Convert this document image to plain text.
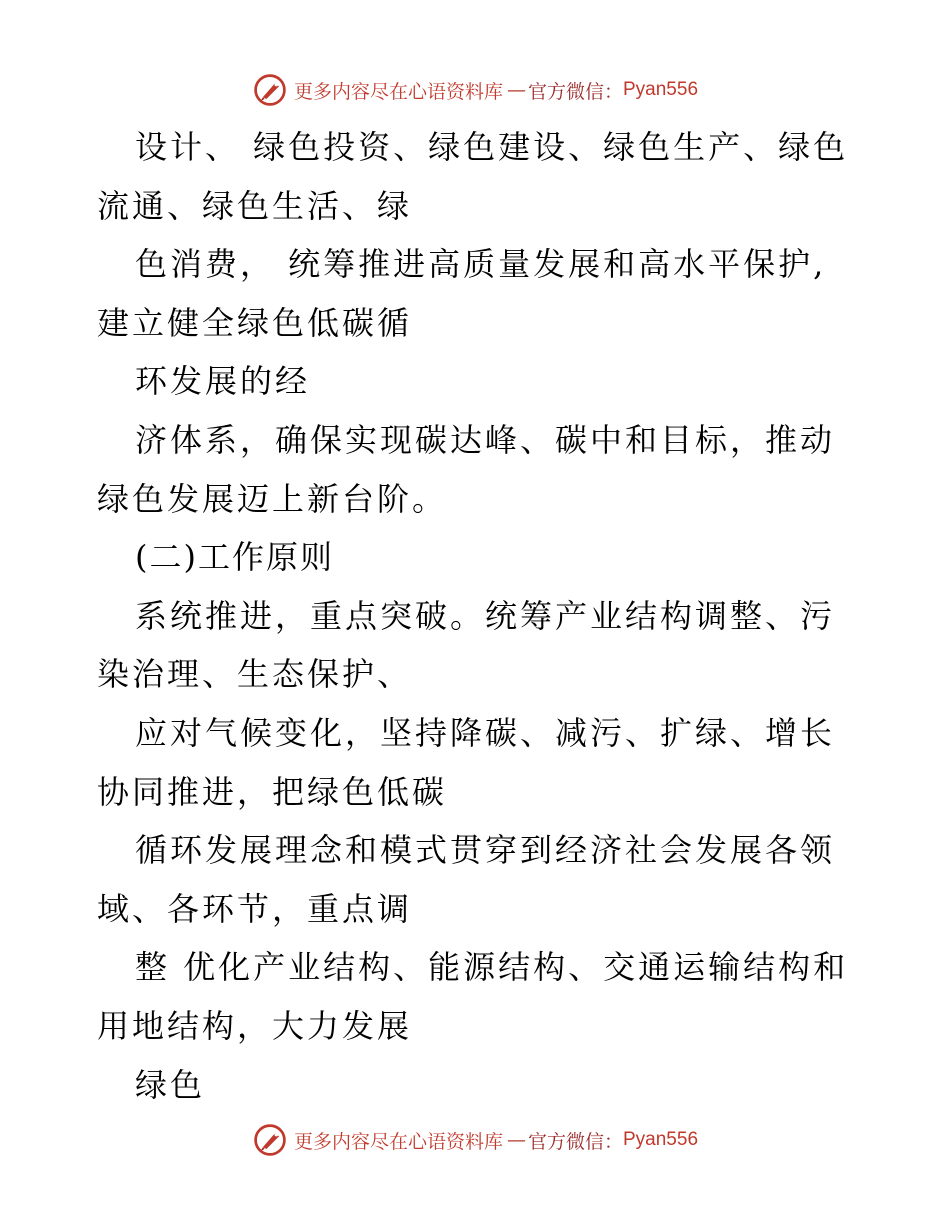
更多内容尽在心语资料库 — 官方微信： Pyan556

设计、 绿色投资、绿色建设、绿色生产、绿色流通、绿色生活、绿

色消费， 统筹推进高质量发展和高水平保护,建立健全绿色低碳循

环发展的经

济体系，确保实现碳达峰、碳中和目标，推动绿色发展迈上新台阶。

(二)工作原则

系统推进，重点突破。统筹产业结构调整、污染治理、生态保护、

应对气候变化，坚持降碳、减污、扩绿、增长协同推进，把绿色低碳

循环发展理念和模式贯穿到经济社会发展各领域、各环节，重点调

整 优化产业结构、能源结构、交通运输结构和用地结构，大力发展

绿色

更多内容尽在心语资料库 — 官方微信： Pyan556
